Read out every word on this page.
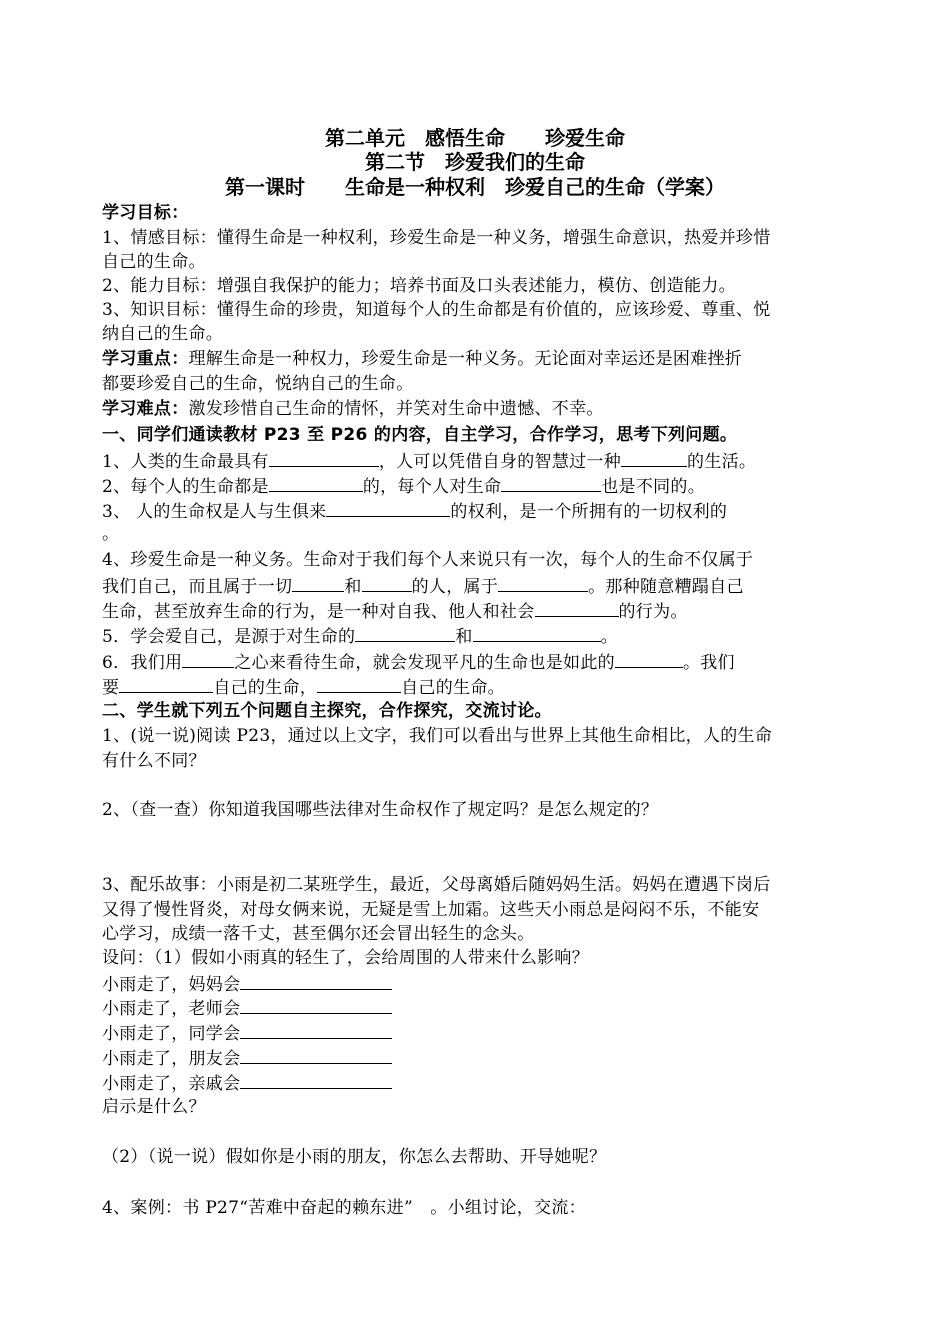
第二单元　感悟生命　　珍爱生命
第二节　珍爱我们的生命
第一课时　　生命是一种权利　珍爱自己的生命（学案）
学习目标：
1、情感目标：懂得生命是一种权利，珍爱生命是一种义务，增强生命意识，热爱并珍惜
自己的生命。
2、能力目标：增强自我保护的能力；培养书面及口头表述能力，模仿、创造能力。
3、知识目标：懂得生命的珍贵，知道每个人的生命都是有价值的，应该珍爱、尊重、悦
纳自己的生命。
学习重点：理解生命是一种权力，珍爱生命是一种义务。无论面对幸运还是困难挫折
都要珍爱自己的生命，悦纳自己的生命。
学习难点：激发珍惜自己生命的情怀，并笑对生命中遗憾、不幸。
一、同学们通读教材 P23 至 P26 的内容，自主学习，合作学习，思考下列问题。
1、人类的生命最具有	，人可以凭借自身的智慧过一种	的生活。
2、每个人的生命都是	的，每个人对生命	也是不同的。
3、 人的生命权是人与生俱来	的权利，是一个所拥有的一切权利的
。
4、珍爱生命是一种义务。生命对于我们每个人来说只有一次，每个人的生命不仅属于
我们自己，而且属于一切	和	的人，属于	。那种随意糟蹋自己
生命，甚至放弃生命的行为，是一种对自我、他人和社会	的行为。
5．学会爱自己，是源于对生命的	和	。
6．我们用	之心来看待生命，就会发现平凡的生命也是如此的	。我们
要	自己的生命，	自己的生命。
二、学生就下列五个问题自主探究，合作探究，交流讨论。
1、(说一说)阅读 P23，通过以上文字，我们可以看出与世界上其他生命相比，人的生命
有什么不同？
2、（查一查）你知道我国哪些法律对生命权作了规定吗？是怎么规定的？
3、配乐故事：小雨是初二某班学生，最近，父母离婚后随妈妈生活。妈妈在遭遇下岗后
又得了慢性肾炎，对母女俩来说，无疑是雪上加霜。这些天小雨总是闷闷不乐，不能安
心学习，成绩一落千丈，甚至偶尔还会冒出轻生的念头。
设问：（1）假如小雨真的轻生了，会给周围的人带来什么影响？
小雨走了，妈妈会
小雨走了，老师会
小雨走了，同学会
小雨走了，朋友会
小雨走了，亲戚会
启示是什么？
（2）（说一说）假如你是小雨的朋友，你怎么去帮助、开导她呢？
4、案例：书 P27“苦难中奋起的赖东进”　。小组讨论，交流：
